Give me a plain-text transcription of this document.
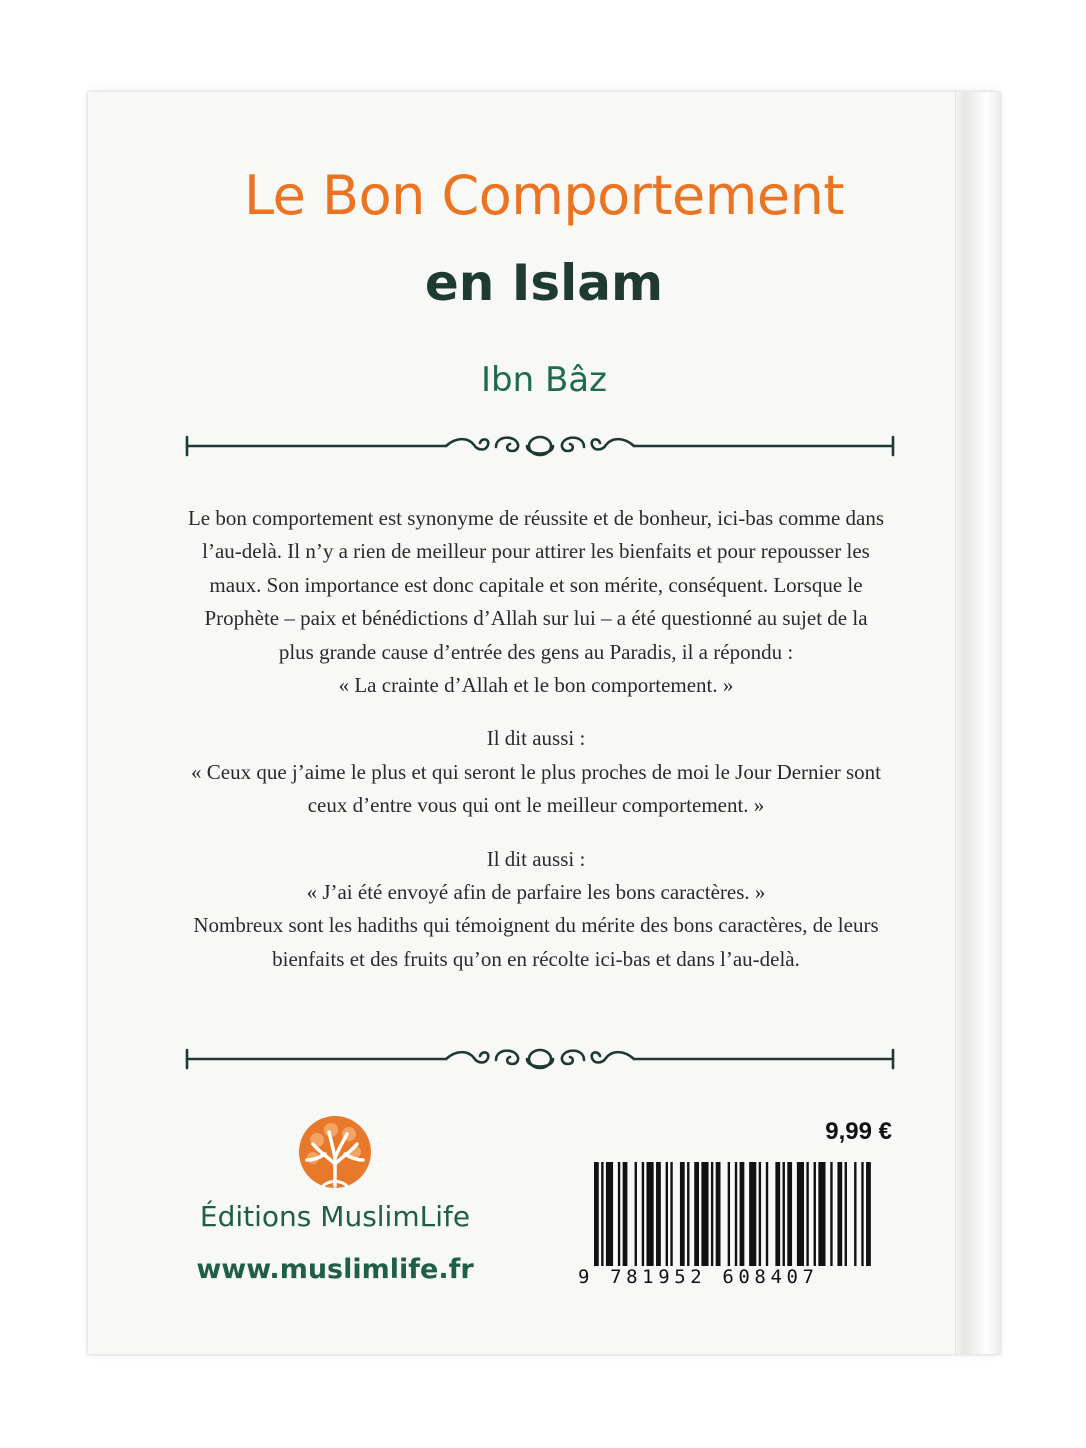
Le Bon Comportement
en Islam
Ibn Bâz

Le bon comportement est synonyme de réussite et de bonheur, ici-bas comme dans l’au-delà. Il n’y a rien de meilleur pour attirer les bienfaits et pour repousser les maux. Son importance est donc capitale et son mérite, conséquent. Lorsque le Prophète – paix et bénédictions d’Allah sur lui – a été questionné au sujet de la plus grande cause d’entrée des gens au Paradis, il a répondu :

« La crainte d’Allah et le bon comportement. »

Il dit aussi :

« Ceux que j’aime le plus et qui seront le plus proches de moi le Jour Dernier sont ceux d’entre vous qui ont le meilleur comportement. »

Il dit aussi :

« J’ai été envoyé afin de parfaire les bons caractères. »

Nombreux sont les hadiths qui témoignent du mérite des bons caractères, de leurs bienfaits et des fruits qu’on en récolte ici-bas et dans l’au-delà.

Éditions MuslimLife
www.muslimlife.fr
9,99 €
9 781952 608407
